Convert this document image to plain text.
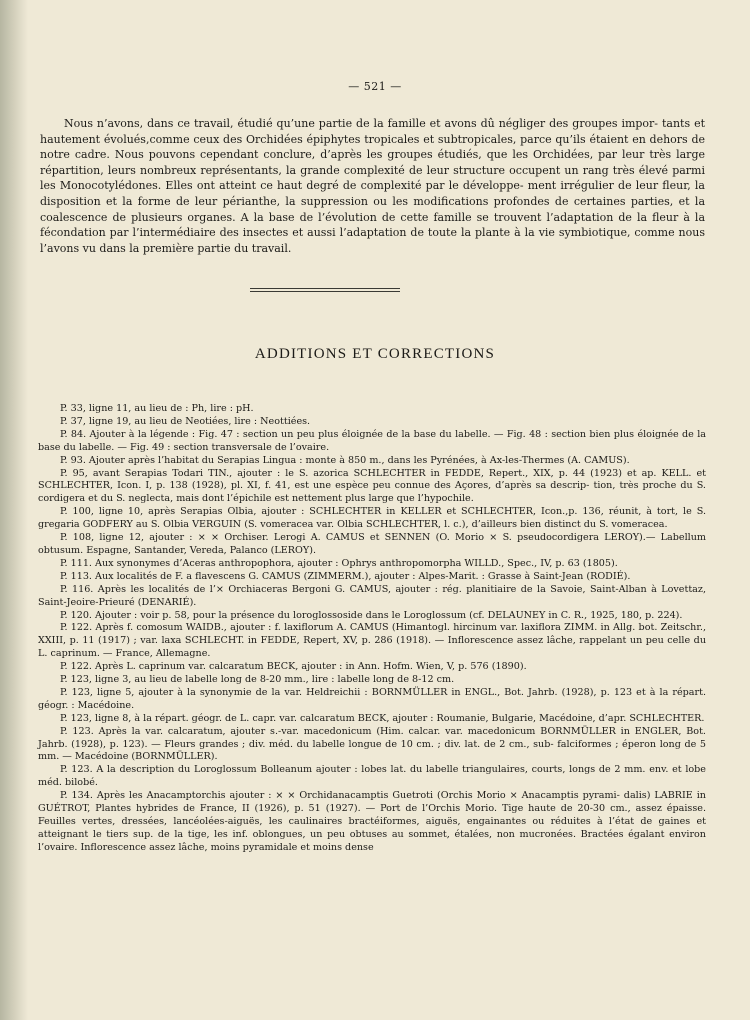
— 521 —

Nous n’avons, dans ce travail, étudié qu’une partie de la famille et avons dû négliger des groupes impor- tants et hautement évolués,comme ceux des Orchidées épiphytes tropicales et subtropicales, parce qu’ils étaient en dehors de notre cadre. Nous pouvons cependant conclure, d’après les groupes étudiés, que les Orchidées, par leur très large répartition, leurs nombreux représentants, la grande complexité de leur structure occupent un rang très élevé parmi les Monocotylédones. Elles ont atteint ce haut degré de complexité par le développe- ment irrégulier de leur fleur, la disposition et la forme de leur périanthe, la suppression ou les modifications profondes de certaines parties, et la coalescence de plusieurs organes. A la base de l’évolution de cette famille se trouvent l’adaptation de la fleur à la fécondation par l’intermédiaire des insectes et aussi l’adaptation de toute la plante à la vie symbiotique, comme nous l’avons vu dans la première partie du travail.

ADDITIONS ET CORRECTIONS

P. 33, ligne 11, au lieu de : Ph, lire : pH.

P. 37, ligne 19, au lieu de Neotiées, lire : Neottiées.

P. 84. Ajouter à la légende : Fig. 47 : section un peu plus éloignée de la base du labelle. — Fig. 48 : section bien plus éloignée de la base du labelle. — Fig. 49 : section transversale de l’ovaire.

P. 93. Ajouter après l’habitat du Serapias Lingua : monte à 850 m., dans les Pyrénées, à Ax-les-Thermes (A. CAMUS).

P. 95, avant Serapias Todari TIN., ajouter : le S. azorica SCHLECHTER in FEDDE, Repert., XIX, p. 44 (1923) et ap. KELL. et SCHLECHTER, Icon. I, p. 138 (1928), pl. XI, f. 41, est une espèce peu connue des Açores, d’après sa descrip- tion, très proche du S. cordigera et du S. neglecta, mais dont l’épichile est nettement plus large que l’hypochile.

P. 100, ligne 10, après Serapias Olbia, ajouter : SCHLECHTER in KELLER et SCHLECHTER, Icon.,p. 136, réunit, à tort, le S. gregaria GODFERY au S. Olbia VERGUIN (S. vomeracea var. Olbia SCHLECHTER, l. c.), d’ailleurs bien distinct du S. vomeracea.

P. 108, ligne 12, ajouter : × × Orchiser. Lerogi A. CAMUS et SENNEN (O. Morio × S. pseudocordigera LEROY).— Labellum obtusum. Espagne, Santander, Vereda, Palanco (LEROY).

P. 111. Aux synonymes d’Aceras anthropophora, ajouter : Ophrys anthropomorpha WILLD., Spec., IV, p. 63 (1805).

P. 113. Aux localités de F. a flavescens G. CAMUS (ZIMMERM.), ajouter : Alpes-Marit. : Grasse à Saint-Jean (RODIÉ).

P. 116. Après les localités de l’× Orchiaceras Bergoni G. CAMUS, ajouter : rég. planitiaire de la Savoie, Saint-Alban à Lovettaz, Saint-Jeoire-Prieuré (DENARIÉ).

P. 120. Ajouter : voir p. 58, pour la présence du loroglossoside dans le Loroglossum (cf. DELAUNEY in C. R., 1925, 180, p. 224).

P. 122. Après f. comosum WAIDB., ajouter : f. laxiflorum A. CAMUS (Himantogl. hircinum var. laxiflora ZIMM. in Allg. bot. Zeitschr., XXIII, p. 11 (1917) ; var. laxa SCHLECHT. in FEDDE, Repert, XV, p. 286 (1918). — Inflorescence assez lâche, rappelant un peu celle du L. caprinum. — France, Allemagne.

P. 122. Après L. caprinum var. calcaratum BECK, ajouter : in Ann. Hofm. Wien, V, p. 576 (1890).

P. 123, ligne 3, au lieu de labelle long de 8-20 mm., lire : labelle long de 8-12 cm.

P. 123, ligne 5, ajouter à la synonymie de la var. Heldreichii : BORNMÜLLER in ENGL., Bot. Jahrb. (1928), p. 123 et à la répart. géogr. : Macédoine.

P. 123, ligne 8, à la répart. géogr. de L. capr. var. calcaratum BECK, ajouter : Roumanie, Bulgarie, Macédoine, d’apr. SCHLECHTER.

P. 123. Après la var. calcaratum, ajouter s.-var. macedonicum (Him. calcar. var. macedonicum BORNMÜLLER in ENGLER, Bot. Jahrb. (1928), p. 123). — Fleurs grandes ; div. méd. du labelle longue de 10 cm. ; div. lat. de 2 cm., sub- falciformes ; éperon long de 5 mm. — Macédoine (BORNMÜLLER).

P. 123. A la description du Loroglossum Bolleanum ajouter : lobes lat. du labelle triangulaires, courts, longs de 2 mm. env. et lobe méd. bilobé.

P. 134. Après les Anacamptorchis ajouter : × × Orchidanacamptis Guetroti (Orchis Morio × Anacamptis pyrami- dalis) LABRIE in GUÉTROT, Plantes hybrides de France, II (1926), p. 51 (1927). — Port de l’Orchis Morio. Tige haute de 20-30 cm., assez épaisse. Feuilles vertes, dressées, lancéolées-aiguës, les caulinaires bractéiformes, aiguës, engainantes ou réduites à l’état de gaines et atteignant le tiers sup. de la tige, les inf. oblongues, un peu obtuses au sommet, étalées, non mucronées. Bractées égalant environ l’ovaire. Inflorescence assez lâche, moins pyramidale et moins dense
